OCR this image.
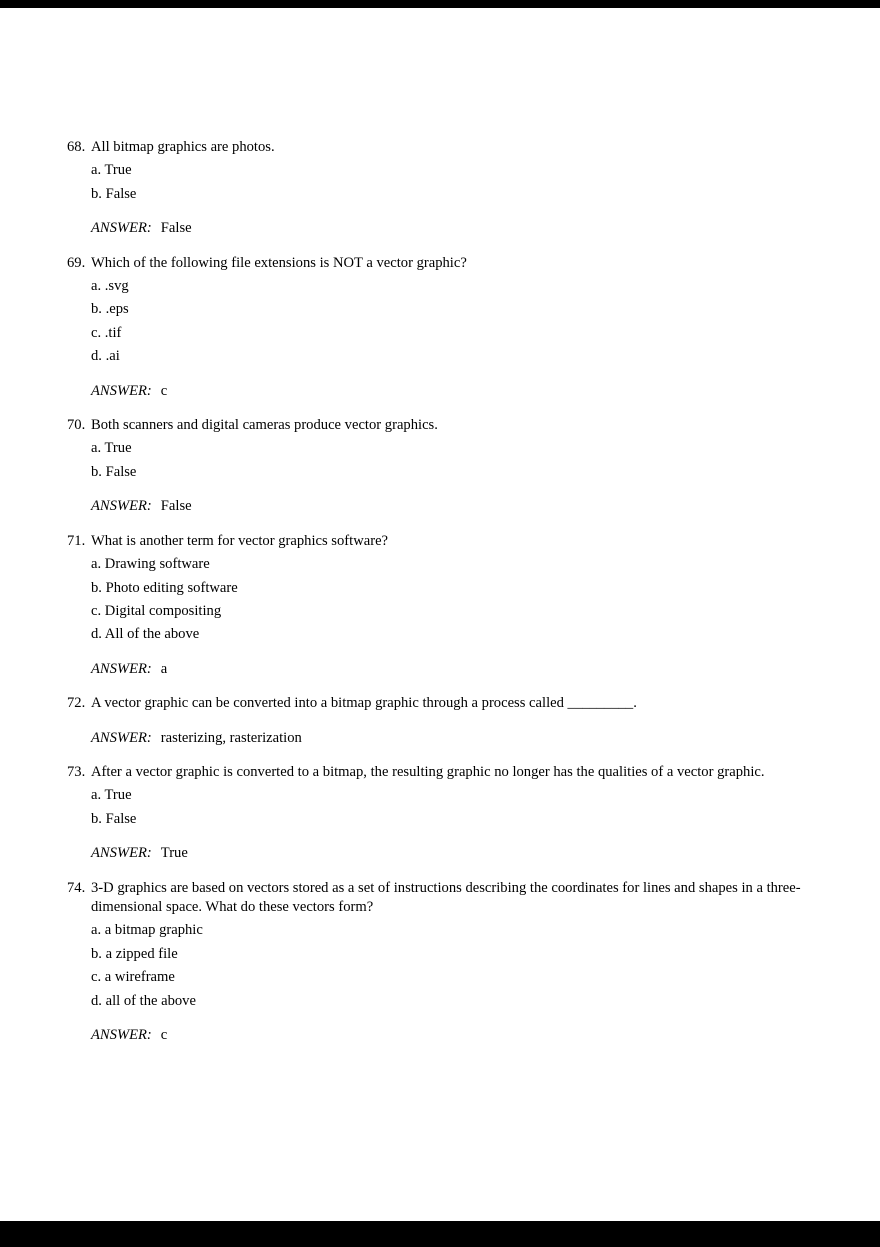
68. All bitmap graphics are photos.
a. True
b. False
ANSWER: False
69. Which of the following file extensions is NOT a vector graphic?
a. .svg
b. .eps
c. .tif
d. .ai
ANSWER: c
70. Both scanners and digital cameras produce vector graphics.
a. True
b. False
ANSWER: False
71. What is another term for vector graphics software?
a. Drawing software
b. Photo editing software
c. Digital compositing
d. All of the above
ANSWER: a
72. A vector graphic can be converted into a bitmap graphic through a process called _________.
ANSWER: rasterizing, rasterization
73. After a vector graphic is converted to a bitmap, the resulting graphic no longer has the qualities of a vector graphic.
a. True
b. False
ANSWER: True
74. 3-D graphics are based on vectors stored as a set of instructions describing the coordinates for lines and shapes in a three-dimensional space. What do these vectors form?
a. a bitmap graphic
b. a zipped file
c. a wireframe
d. all of the above
ANSWER: c
